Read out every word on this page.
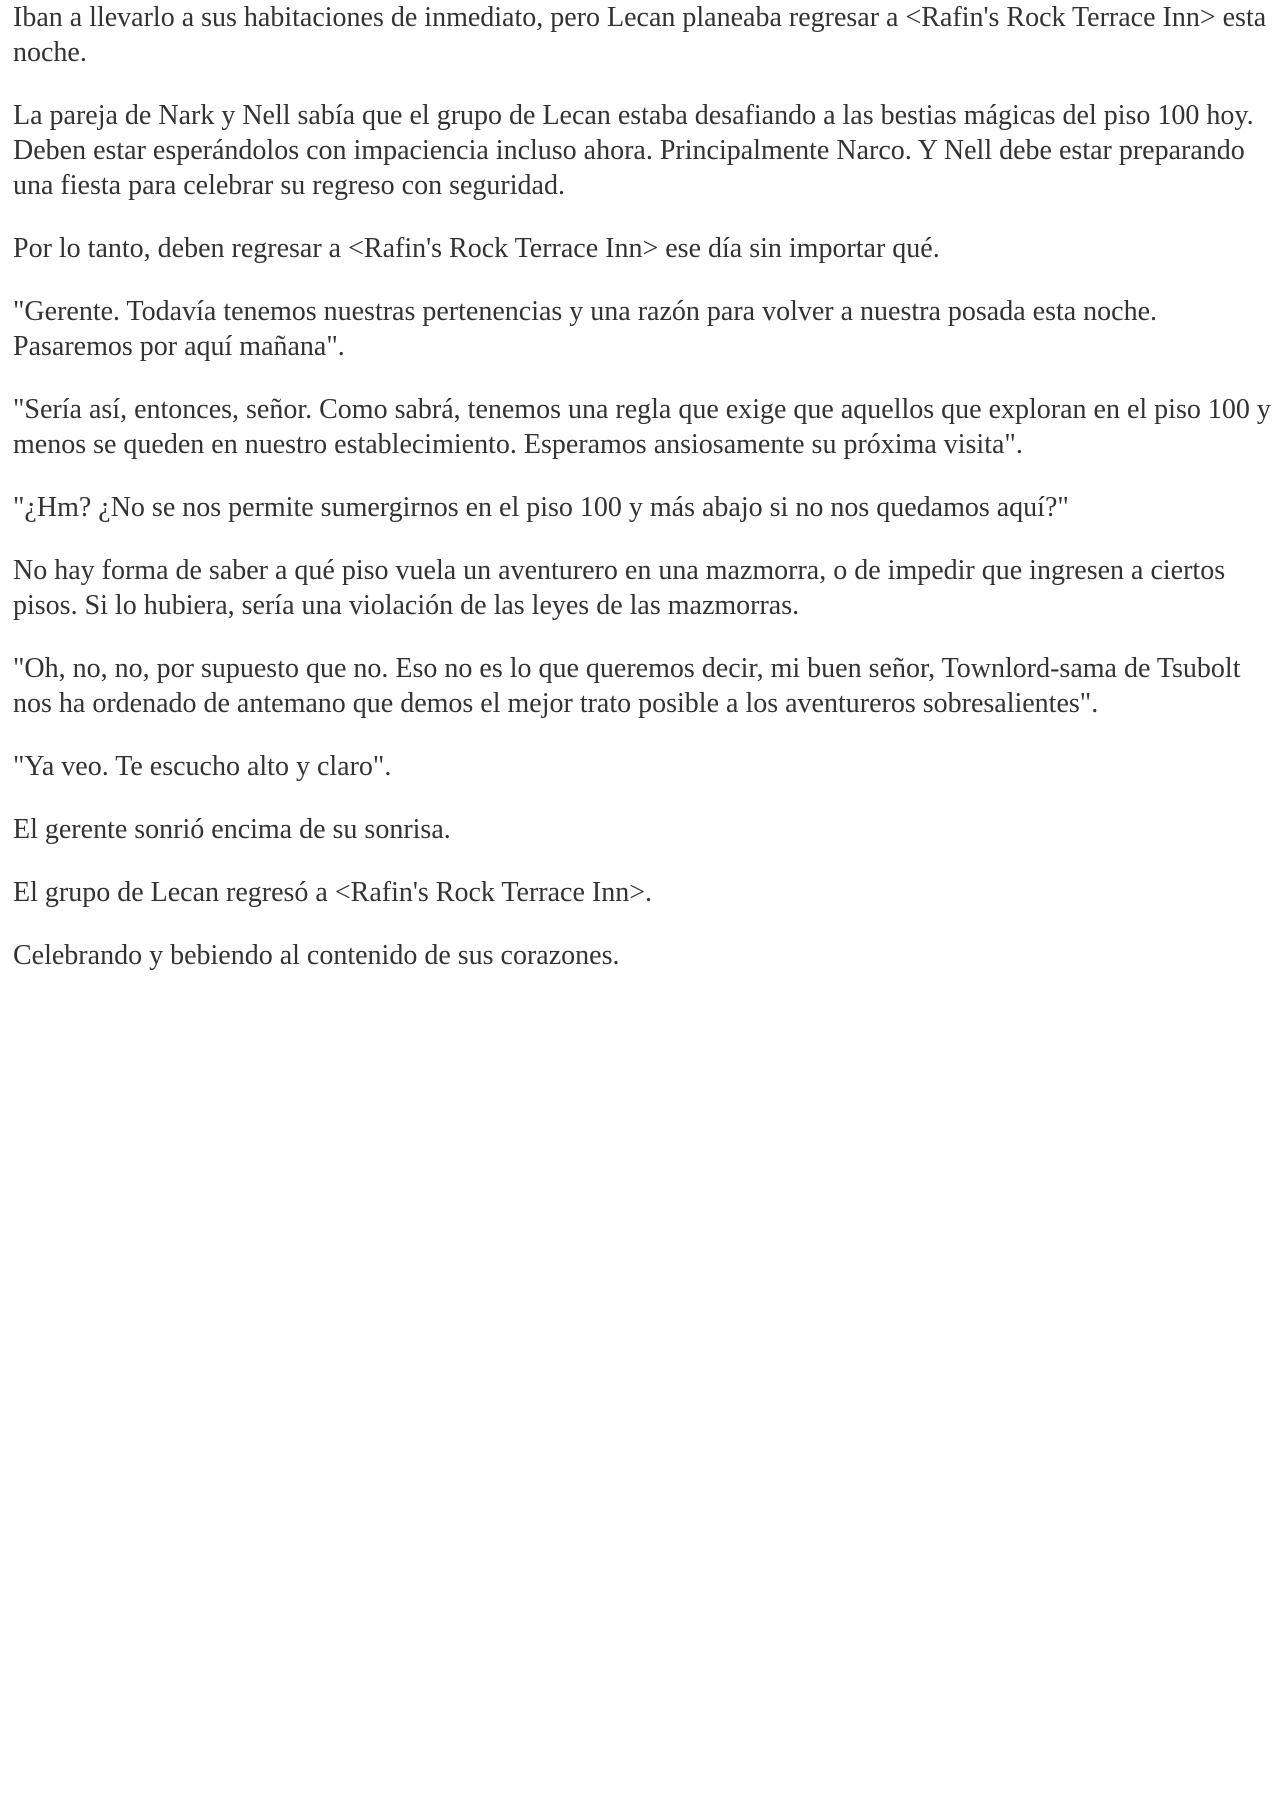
Iban a llevarlo a sus habitaciones de inmediato, pero Lecan planeaba regresar a <Rafin's Rock Terrace Inn> esta noche.

La pareja de Nark y Nell sabía que el grupo de Lecan estaba desafiando a las bestias mágicas del piso 100 hoy. Deben estar esperándolos con impaciencia incluso ahora. Principalmente Narco. Y Nell debe estar preparando una fiesta para celebrar su regreso con seguridad.

Por lo tanto, deben regresar a <Rafin's Rock Terrace Inn> ese día sin importar qué.

"Gerente. Todavía tenemos nuestras pertenencias y una razón para volver a nuestra posada esta noche. Pasaremos por aquí mañana".

"Sería así, entonces, señor. Como sabrá, tenemos una regla que exige que aquellos que exploran en el piso 100 y menos se queden en nuestro establecimiento. Esperamos ansiosamente su próxima visita".

"¿Hm? ¿No se nos permite sumergirnos en el piso 100 y más abajo si no nos quedamos aquí?"

No hay forma de saber a qué piso vuela un aventurero en una mazmorra, o de impedir que ingresen a ciertos pisos. Si lo hubiera, sería una violación de las leyes de las mazmorras.

"Oh, no, no, por supuesto que no. Eso no es lo que queremos decir, mi buen señor, Townlord-sama de Tsubolt nos ha ordenado de antemano que demos el mejor trato posible a los aventureros sobresalientes".

"Ya veo. Te escucho alto y claro".

El gerente sonrió encima de su sonrisa.

El grupo de Lecan regresó a <Rafin's Rock Terrace Inn>.

Celebrando y bebiendo al contenido de sus corazones.
